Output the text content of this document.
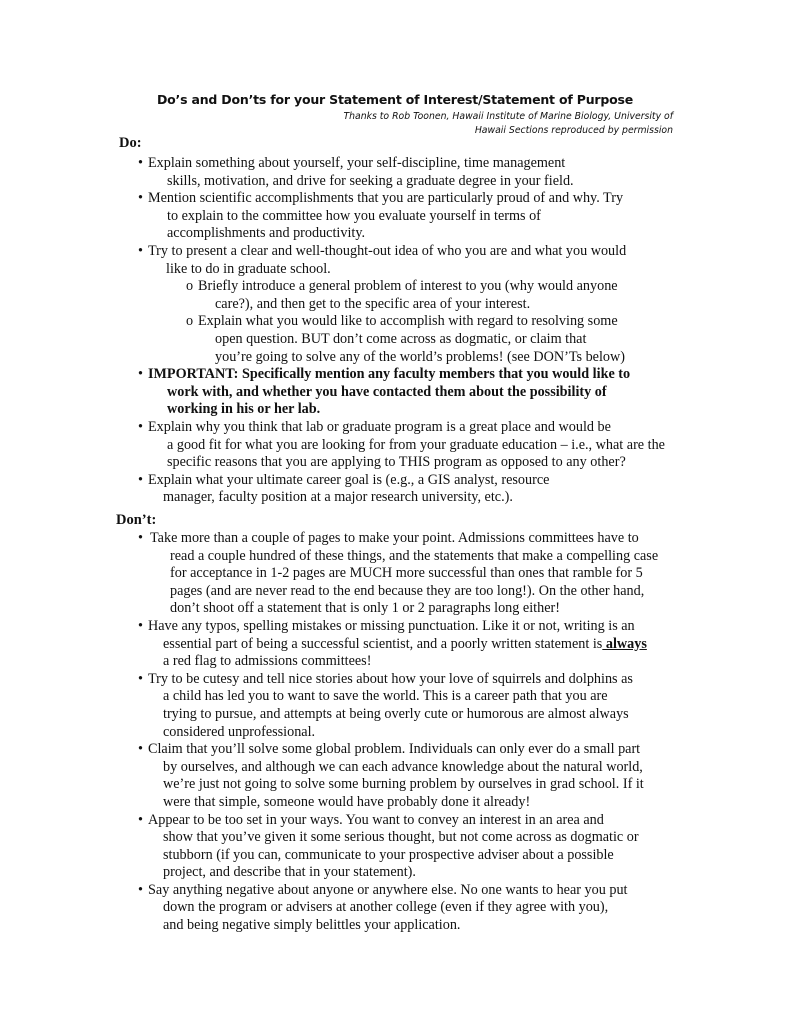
Do’s and Don’ts for your Statement of Interest/Statement of Purpose
Thanks to Rob Toonen, Hawaii Institute of Marine Biology, University of
Hawaii Sections reproduced by permission
Do:
• Explain something about yourself, your self-discipline, time management
skills, motivation, and drive for seeking a graduate degree in your field.
• Mention scientific accomplishments that you are particularly proud of and why. Try
to explain to the committee how you evaluate yourself in terms of
accomplishments and productivity.
• Try to present a clear and well-thought-out idea of who you are and what you would
like to do in graduate school.
o Briefly introduce a general problem of interest to you (why would anyone
care?), and then get to the specific area of your interest.
o Explain what you would like to accomplish with regard to resolving some
open question. BUT don’t come across as dogmatic, or claim that
you’re going to solve any of the world’s problems! (see DON’Ts below)
• IMPORTANT: Specifically mention any faculty members that you would like to
work with, and whether you have contacted them about the possibility of
working in his or her lab.
• Explain why you think that lab or graduate program is a great place and would be
a good fit for what you are looking for from your graduate education – i.e., what are the
specific reasons that you are applying to THIS program as opposed to any other?
• Explain what your ultimate career goal is (e.g., a GIS analyst, resource
manager, faculty position at a major research university, etc.).
Don’t:
• Take more than a couple of pages to make your point. Admissions committees have to
read a couple hundred of these things, and the statements that make a compelling case
for acceptance in 1-2 pages are MUCH more successful than ones that ramble for 5
pages (and are never read to the end because they are too long!). On the other hand,
don’t shoot off a statement that is only 1 or 2 paragraphs long either!
• Have any typos, spelling mistakes or missing punctuation. Like it or not, writing is an
essential part of being a successful scientist, and a poorly written statement is always
a red flag to admissions committees!
• Try to be cutesy and tell nice stories about how your love of squirrels and dolphins as
a child has led you to want to save the world. This is a career path that you are
trying to pursue, and attempts at being overly cute or humorous are almost always
considered unprofessional.
• Claim that you’ll solve some global problem. Individuals can only ever do a small part
by ourselves, and although we can each advance knowledge about the natural world,
we’re just not going to solve some burning problem by ourselves in grad school. If it
were that simple, someone would have probably done it already!
• Appear to be too set in your ways. You want to convey an interest in an area and
show that you’ve given it some serious thought, but not come across as dogmatic or
stubborn (if you can, communicate to your prospective adviser about a possible
project, and describe that in your statement).
• Say anything negative about anyone or anywhere else. No one wants to hear you put
down the program or advisers at another college (even if they agree with you),
and being negative simply belittles your application.
